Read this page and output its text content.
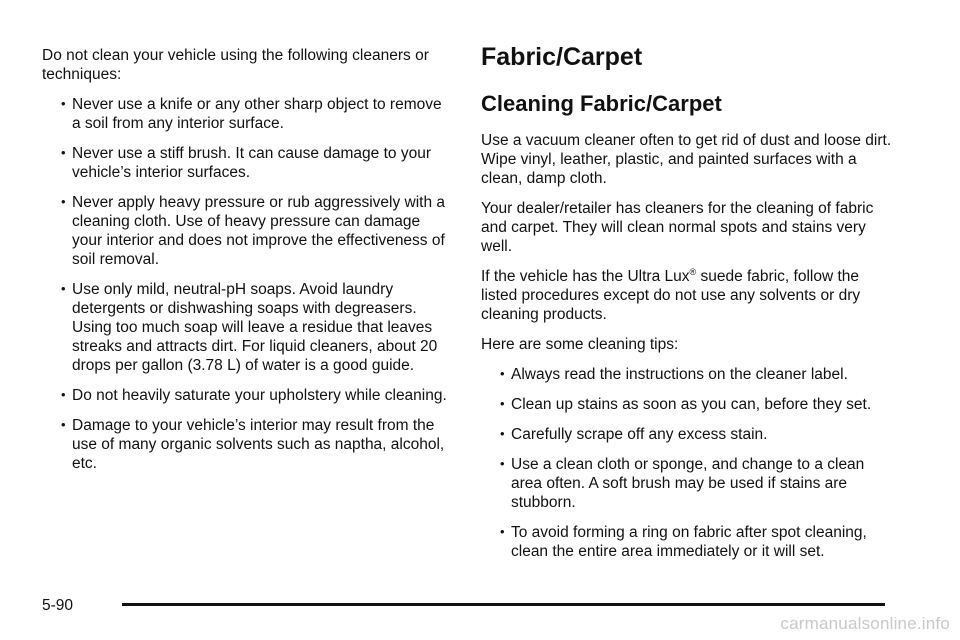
Do not clean your vehicle using the following cleaners or techniques:

• Never use a knife or any other sharp object to remove a soil from any interior surface.
• Never use a stiff brush. It can cause damage to your vehicle’s interior surfaces.
• Never apply heavy pressure or rub aggressively with a cleaning cloth. Use of heavy pressure can damage your interior and does not improve the effectiveness of soil removal.
• Use only mild, neutral-pH soaps. Avoid laundry detergents or dishwashing soaps with degreasers. Using too much soap will leave a residue that leaves streaks and attracts dirt. For liquid cleaners, about 20 drops per gallon (3.78 L) of water is a good guide.
• Do not heavily saturate your upholstery while cleaning.
• Damage to your vehicle’s interior may result from the use of many organic solvents such as naptha, alcohol, etc.
Fabric/Carpet
Cleaning Fabric/Carpet

Use a vacuum cleaner often to get rid of dust and loose dirt. Wipe vinyl, leather, plastic, and painted surfaces with a clean, damp cloth.

Your dealer/retailer has cleaners for the cleaning of fabric and carpet. They will clean normal spots and stains very well.

If the vehicle has the Ultra Lux® suede fabric, follow the listed procedures except do not use any solvents or dry cleaning products.

Here are some cleaning tips:

• Always read the instructions on the cleaner label.
• Clean up stains as soon as you can, before they set.
• Carefully scrape off any excess stain.
• Use a clean cloth or sponge, and change to a clean area often. A soft brush may be used if stains are stubborn.
• To avoid forming a ring on fabric after spot cleaning, clean the entire area immediately or it will set.
5-90
carmanualsonline.info
